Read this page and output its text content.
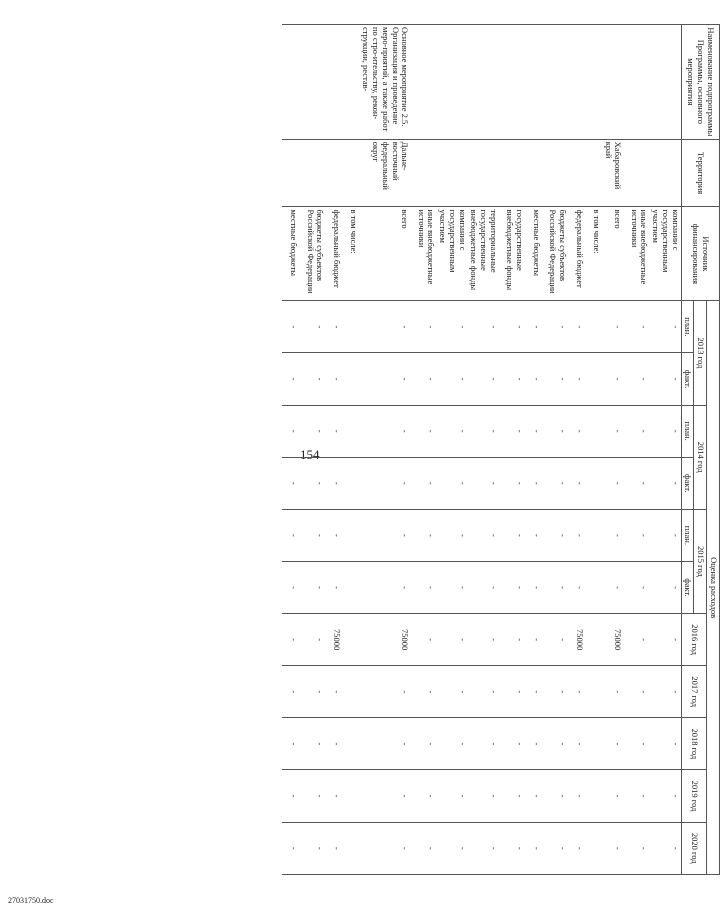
154
Наименование подпрограммы Программы, основного мероприятия	Территория	Источник финансирования	Оценка расходов										
			2013 год		2014 год		2015 год		2016 год	2017 год	2018 год	2019 год	2020 год
			план.	факт.	план.	факт.	план.	факт.					
		компании с государственным участием	-	-	-	-	-	-	-	-	-	-	-
		иные внебюджетные источники	-	-	-	-	-	-	-	-	-	-	-
	Хабаровский край	всего	-	-	-	-	-	-	75000	-	-	-	-
		в том числе:											
		федеральный бюджет	-	-	-	-	-	-	75000	-	-	-	-
		бюджеты субъектов Российской Федерации	-	-	-	-	-	-	-	-	-	-	-
		местные бюджеты	-	-	-	-	-	-	-	-	-	-	-
		государственные внебюджетные фонды	-	-	-	-	-	-	-	-	-	-	-
		территориальные государственные внебюджетные фонды	-	-	-	-	-	-	-	-	-	-	-
		компании с государственным участием	-	-	-	-	-	-	-	-	-	-	-
		иные внебюджетные источники	-	-	-	-	-	-	-	-	-	-	-
Основное мероприятие 2.5. Организация и проведение меро-приятий, а также работ по стро-ительству, рекон-струкции, рестав-	Дальне-восточный федеральный округ	всего	-	-	-	-	-	-	75000	-	-	-	-
		в том числе:											
		федеральный бюджет	-	-	-	-	-	-	75000	-	-	-	-
		бюджеты субъектов Российской Федерации	-	-	-	-	-	-	-	-	-	-	-
		местные бюджеты	-	-	-	-	-	-	-	-	-	-	-
27031750.doc
